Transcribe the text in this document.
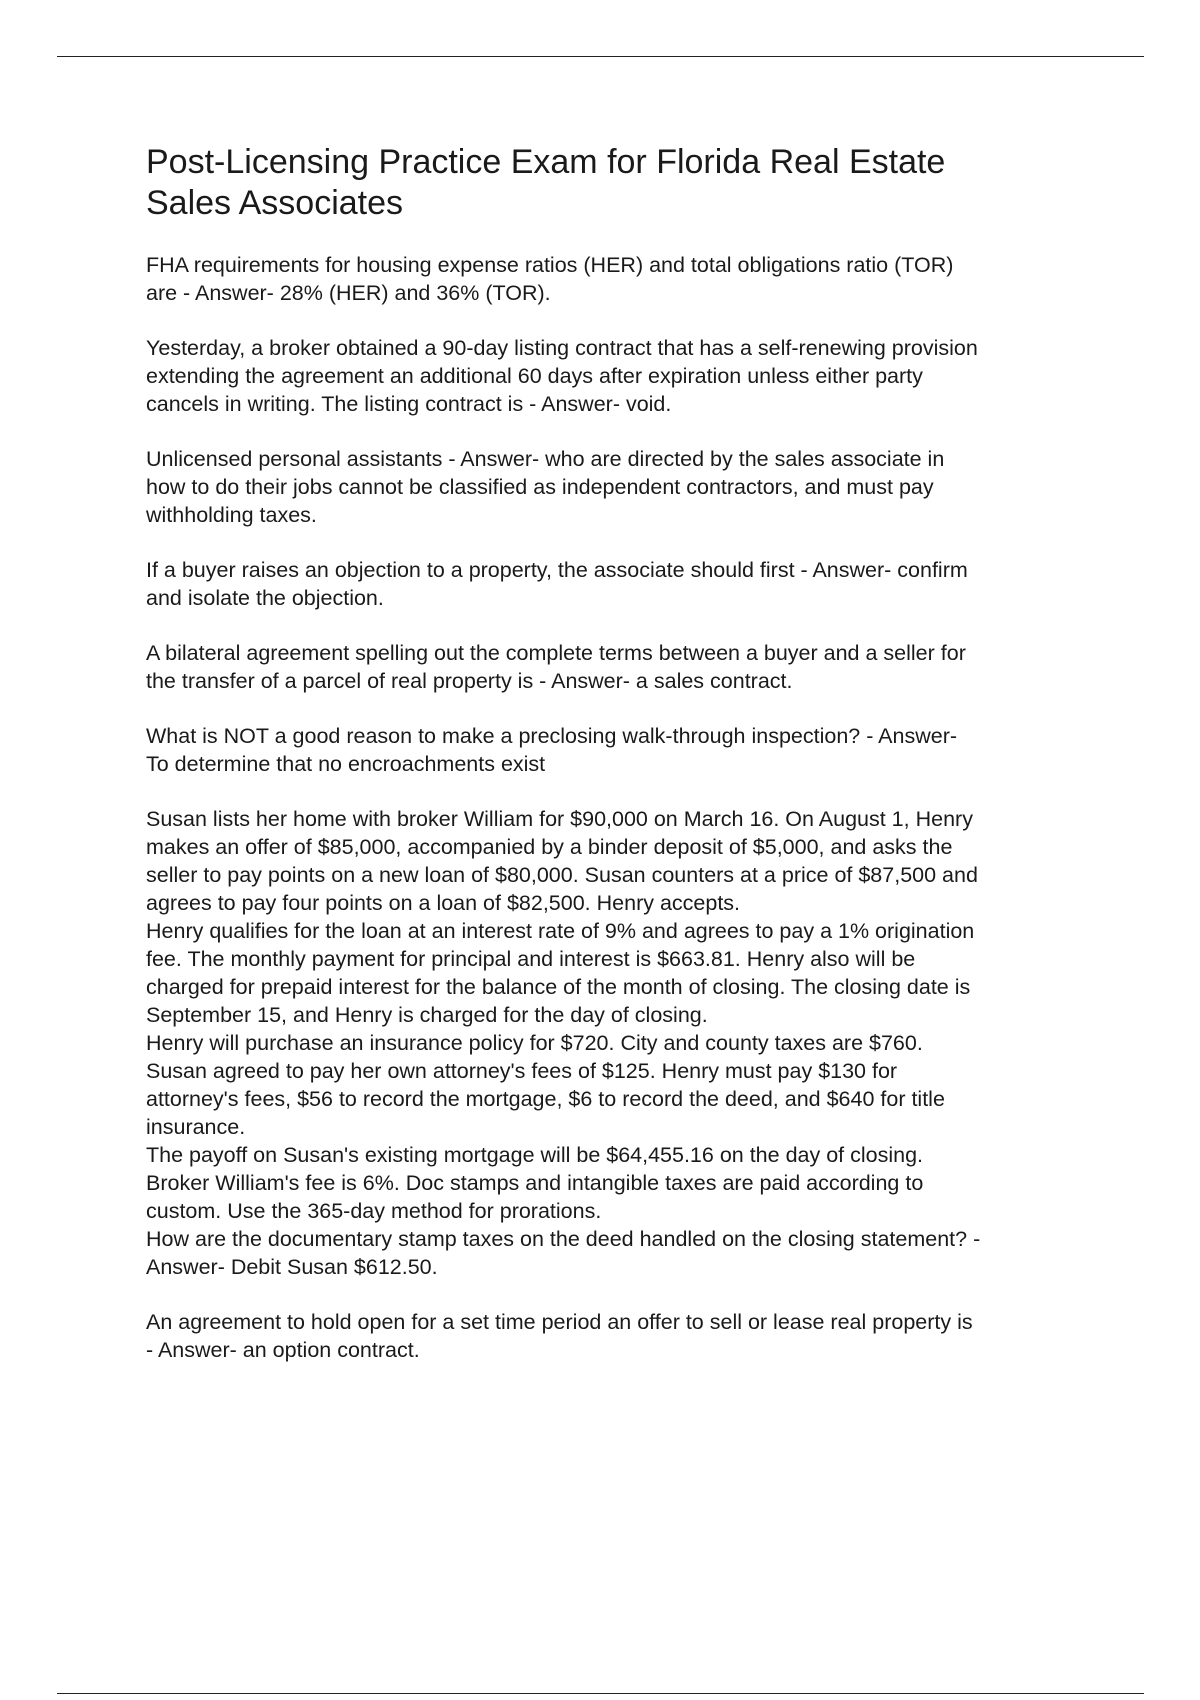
Post-Licensing Practice Exam for Florida Real Estate
Sales Associates

FHA requirements for housing expense ratios (HER) and total obligations ratio (TOR)
are - Answer- 28% (HER) and 36% (TOR).

Yesterday, a broker obtained a 90-day listing contract that has a self-renewing provision
extending the agreement an additional 60 days after expiration unless either party
cancels in writing. The listing contract is - Answer- void.

Unlicensed personal assistants - Answer- who are directed by the sales associate in
how to do their jobs cannot be classified as independent contractors, and must pay
withholding taxes.

If a buyer raises an objection to a property, the associate should first - Answer- confirm
and isolate the objection.

A bilateral agreement spelling out the complete terms between a buyer and a seller for
the transfer of a parcel of real property is - Answer- a sales contract.

What is NOT a good reason to make a preclosing walk-through inspection? - Answer-
To determine that no encroachments exist

Susan lists her home with broker William for $90,000 on March 16. On August 1, Henry
makes an offer of $85,000, accompanied by a binder deposit of $5,000, and asks the
seller to pay points on a new loan of $80,000. Susan counters at a price of $87,500 and
agrees to pay four points on a loan of $82,500. Henry accepts.
Henry qualifies for the loan at an interest rate of 9% and agrees to pay a 1% origination
fee. The monthly payment for principal and interest is $663.81. Henry also will be
charged for prepaid interest for the balance of the month of closing. The closing date is
September 15, and Henry is charged for the day of closing.
Henry will purchase an insurance policy for $720. City and county taxes are $760.
Susan agreed to pay her own attorney's fees of $125. Henry must pay $130 for
attorney's fees, $56 to record the mortgage, $6 to record the deed, and $640 for title
insurance.
The payoff on Susan's existing mortgage will be $64,455.16 on the day of closing.
Broker William's fee is 6%. Doc stamps and intangible taxes are paid according to
custom. Use the 365-day method for prorations.
How are the documentary stamp taxes on the deed handled on the closing statement? -
Answer- Debit Susan $612.50.

An agreement to hold open for a set time period an offer to sell or lease real property is
- Answer- an option contract.
